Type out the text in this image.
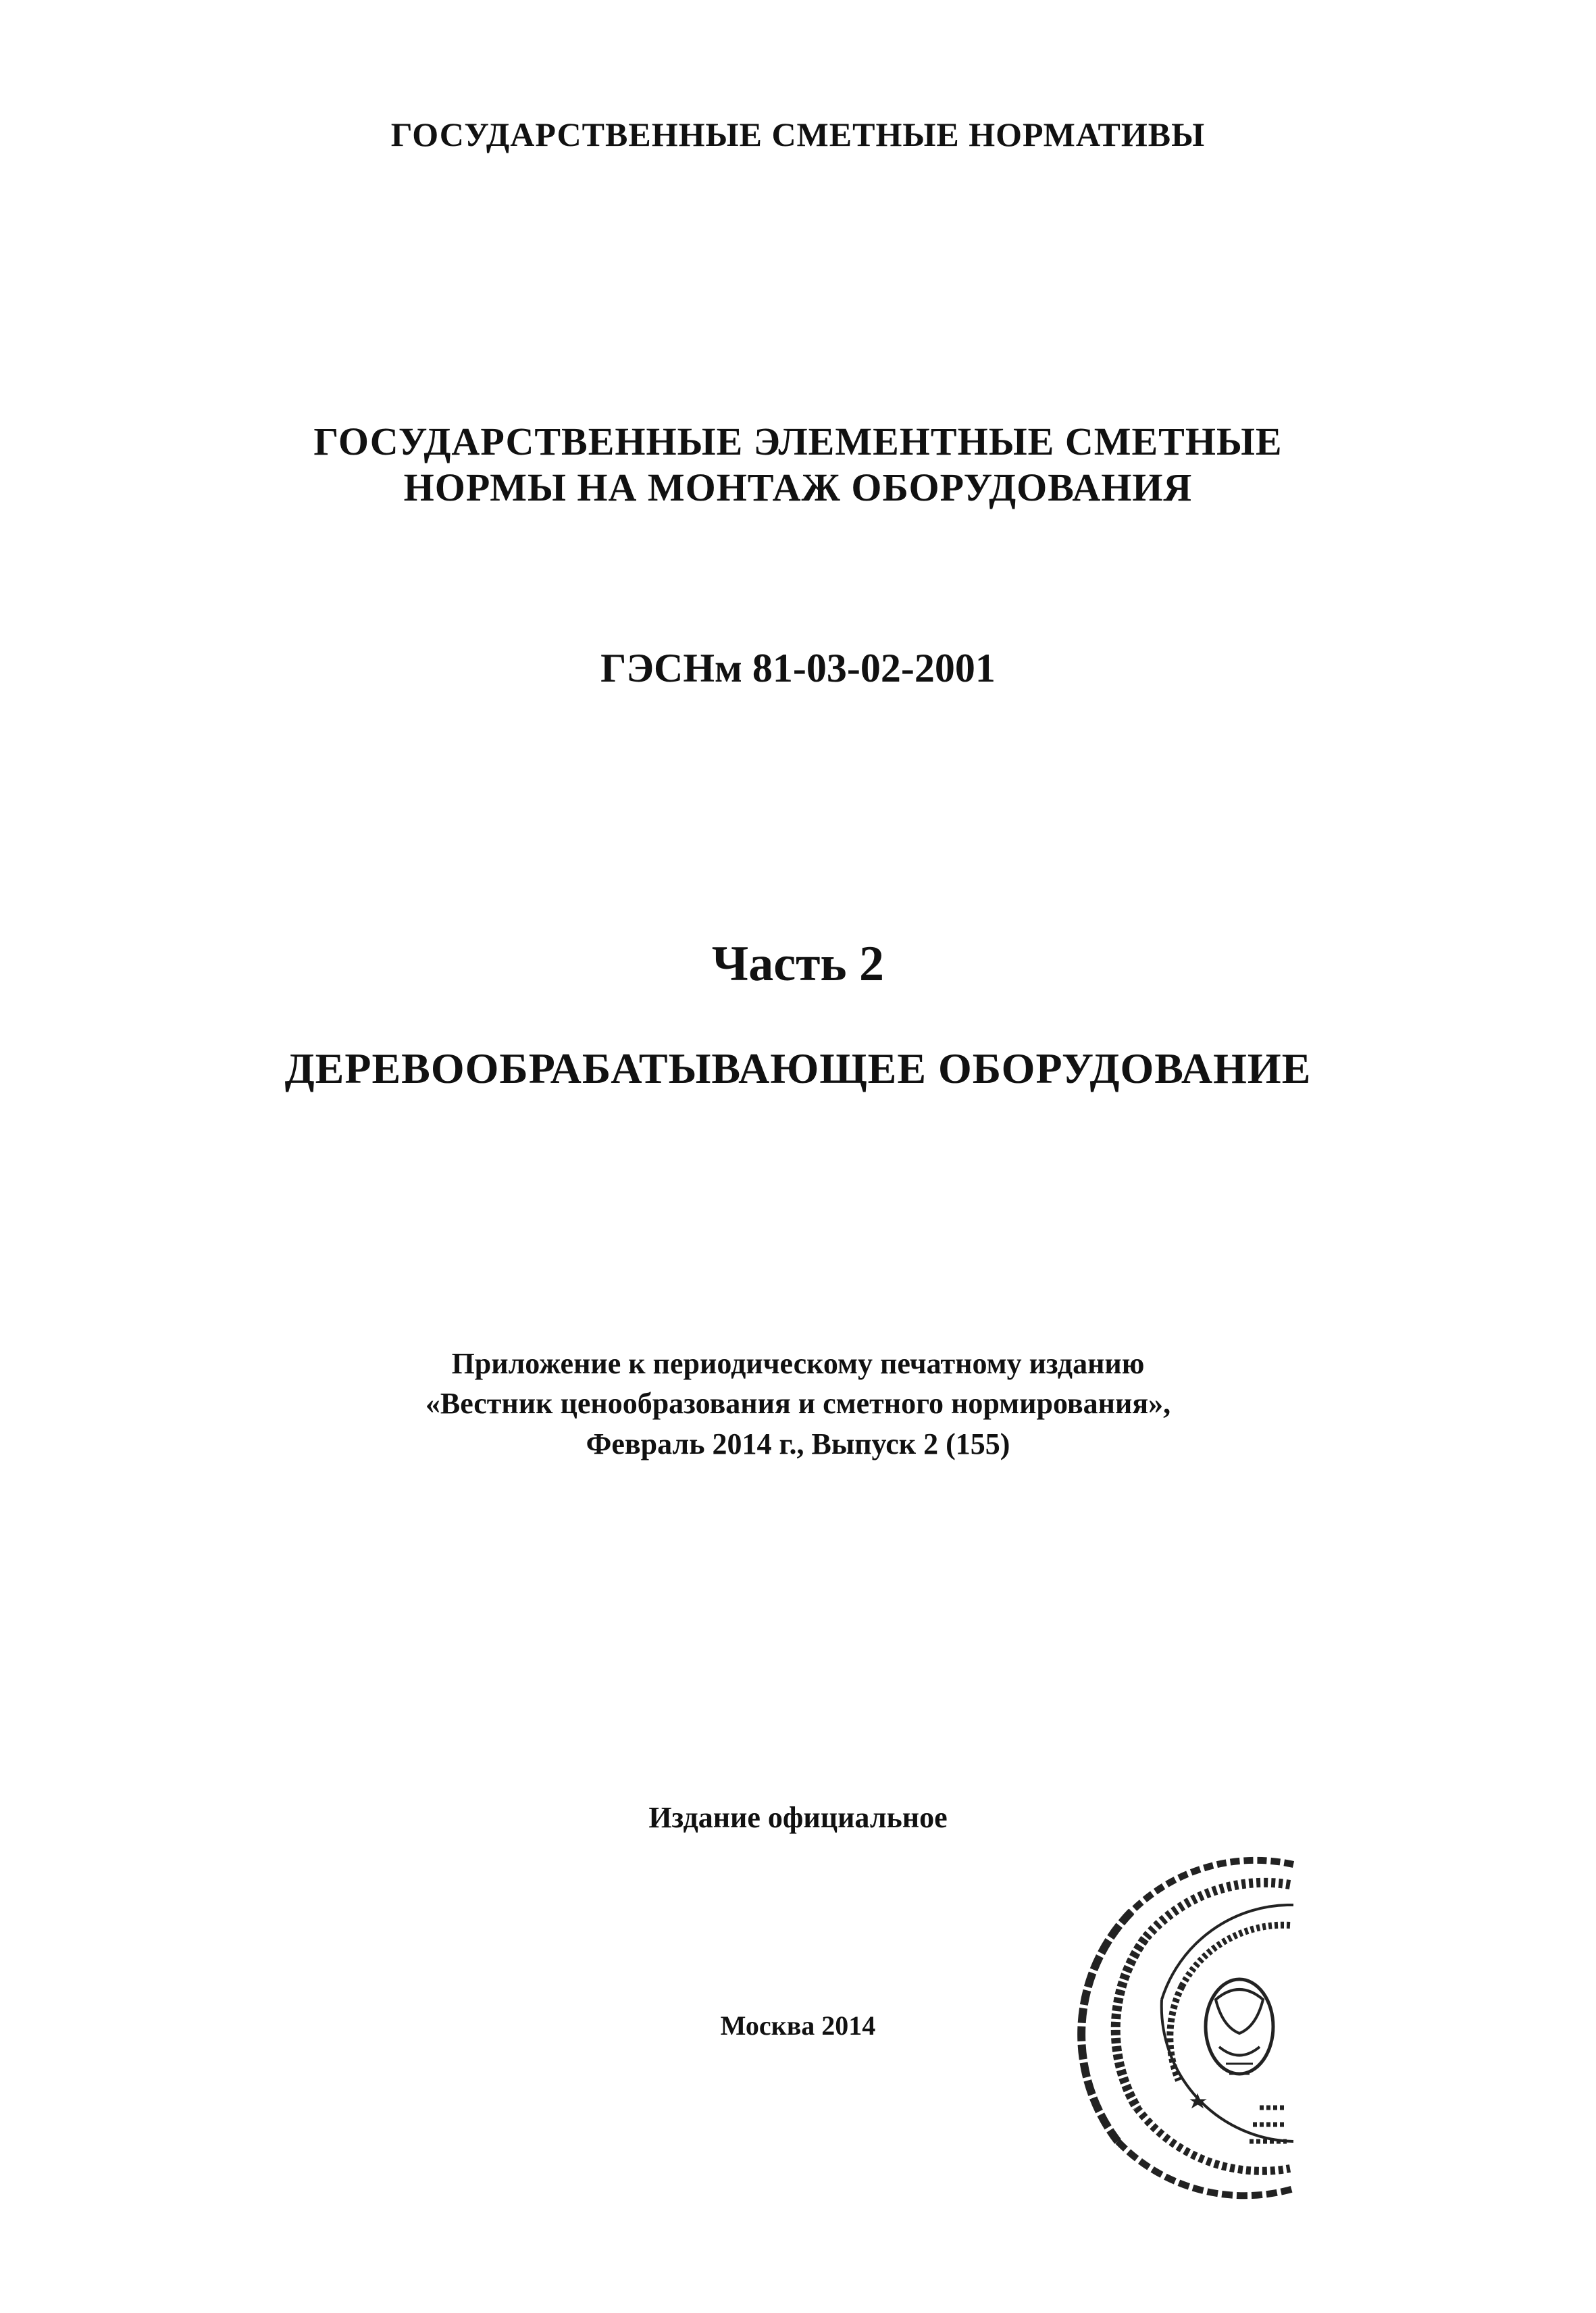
ГОСУДАРСТВЕННЫЕ СМЕТНЫЕ НОРМАТИВЫ
ГОСУДАРСТВЕННЫЕ ЭЛЕМЕНТНЫЕ СМЕТНЫЕ
НОРМЫ НА МОНТАЖ ОБОРУДОВАНИЯ
ГЭСНм 81-03-02-2001
Часть 2
ДЕРЕВООБРАБАТЫВАЮЩЕЕ ОБОРУДОВАНИЕ
Приложение к периодическому печатному изданию
«Вестник ценообразования и сметного нормирования»,
Февраль 2014 г., Выпуск 2 (155)
Издание официальное
Москва 2014
